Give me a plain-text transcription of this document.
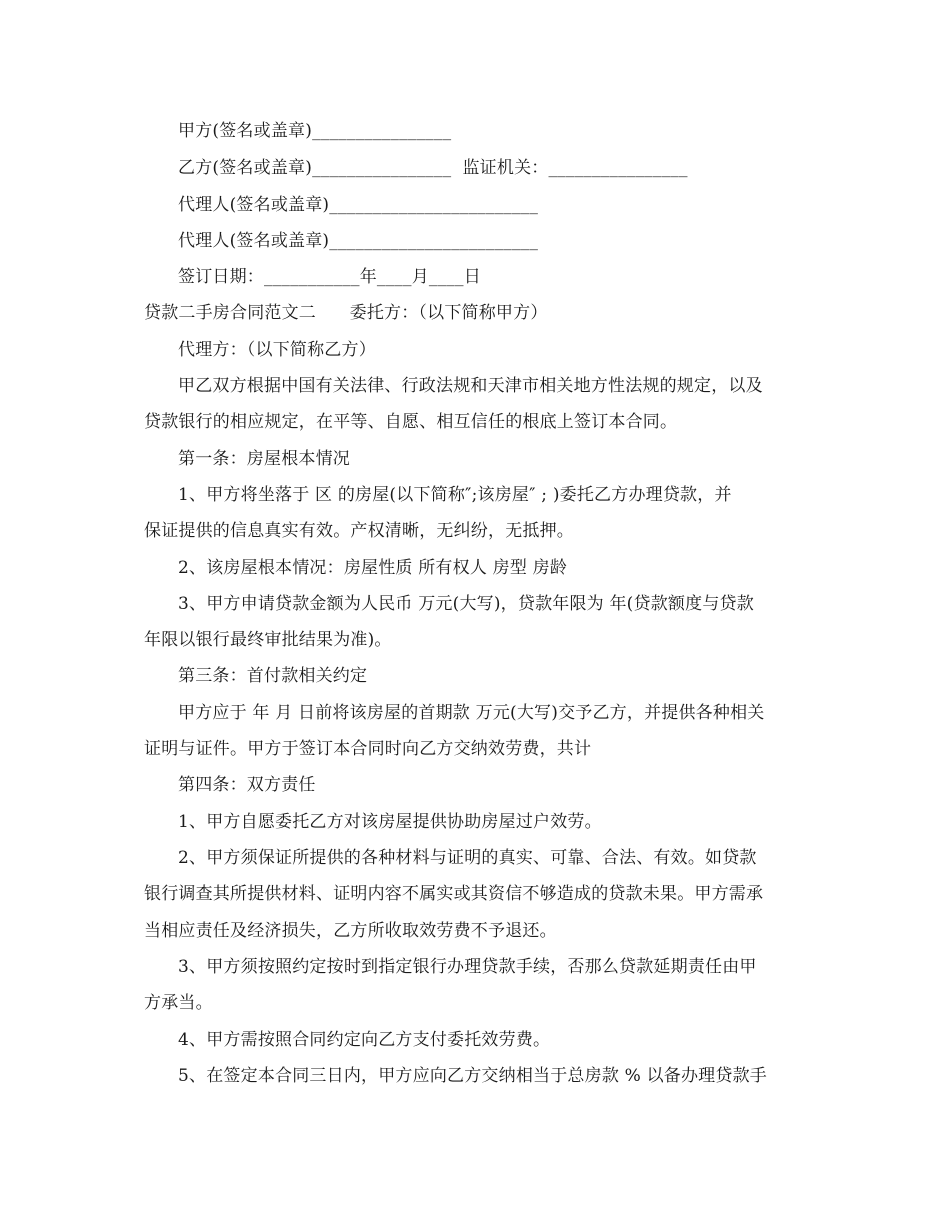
甲方(签名或盖章)________________
乙方(签名或盖章)________________  监证机关：________________
代理人(签名或盖章)________________________
代理人(签名或盖章)________________________
签订日期：___________年____月____日
贷款二手房合同范文二      委托方：（以下简称甲方）
代理方：（以下简称乙方）
甲乙双方根据中国有关法律、行政法规和天津市相关地方性法规的规定，以及
贷款银行的相应规定，在平等、自愿、相互信任的根底上签订本合同。
第一条：房屋根本情况
1、甲方将坐落于 区 的房屋(以下简称″;该房屋″ ; )委托乙方办理贷款，并
保证提供的信息真实有效。产权清晰，无纠纷，无抵押。
2、该房屋根本情况：房屋性质 所有权人 房型 房龄
3、甲方申请贷款金额为人民币 万元(大写)，贷款年限为 年(贷款额度与贷款
年限以银行最终审批结果为准)。
第三条：首付款相关约定
甲方应于 年 月 日前将该房屋的首期款 万元(大写)交予乙方，并提供各种相关
证明与证件。甲方于签订本合同时向乙方交纳效劳费，共计
第四条：双方责任
1、甲方自愿委托乙方对该房屋提供协助房屋过户效劳。
2、甲方须保证所提供的各种材料与证明的真实、可靠、合法、有效。如贷款
银行调查其所提供材料、证明内容不属实或其资信不够造成的贷款未果。甲方需承
当相应责任及经济损失，乙方所收取效劳费不予退还。
3、甲方须按照约定按时到指定银行办理贷款手续，否那么贷款延期责任由甲
方承当。
4、甲方需按照合同约定向乙方支付委托效劳费。
5、在签定本合同三日内，甲方应向乙方交纳相当于总房款 % 以备办理贷款手
